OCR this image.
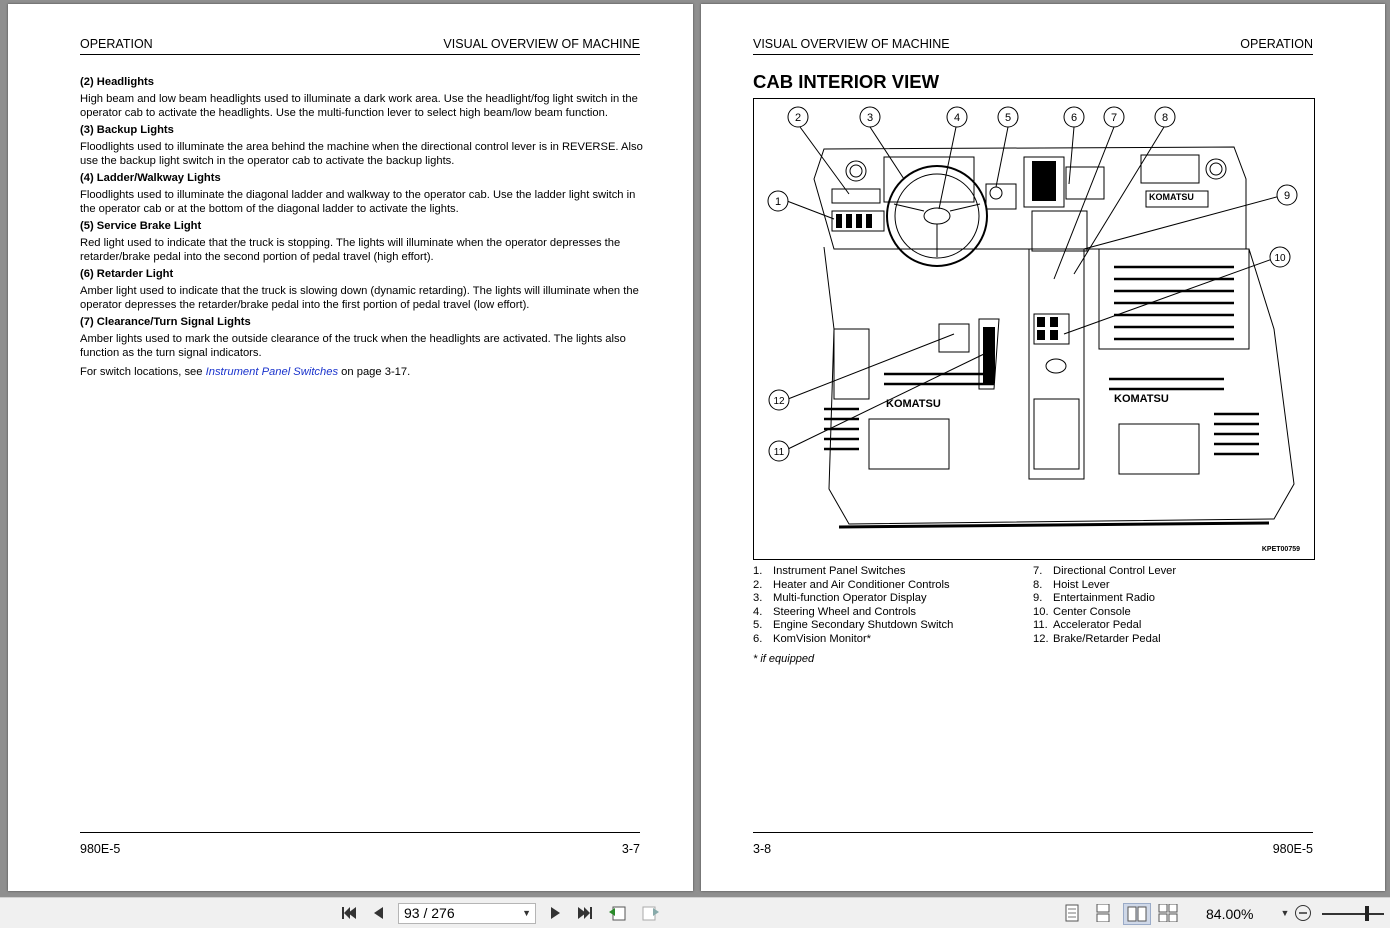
OPERATION	VISUAL OVERVIEW OF MACHINE
(2) Headlights

High beam and low beam headlights used to illuminate a dark work area. Use the headlight/fog light switch in the operator cab to activate the headlights. Use the multi-function lever to select high beam/low beam function.

(3) Backup Lights

Floodlights used to illuminate the area behind the machine when the directional control lever is in REVERSE. Also use the backup light switch in the operator cab to activate the backup lights.

(4) Ladder/Walkway Lights

Floodlights used to illuminate the diagonal ladder and walkway to the operator cab. Use the ladder light switch in the operator cab or at the bottom of the diagonal ladder to activate the lights.

(5) Service Brake Light

Red light used to indicate that the truck is stopping. The lights will illuminate when the operator depresses the retarder/brake pedal into the second portion of pedal travel (high effort).

(6) Retarder Light

Amber light used to indicate that the truck is slowing down (dynamic retarding). The lights will illuminate when the operator depresses the retarder/brake pedal into the first portion of pedal travel (low effort).

(7) Clearance/Turn Signal Lights

Amber lights used to mark the outside clearance of the truck when the headlights are activated. The lights also function as the turn signal indicators.

For switch locations, see Instrument Panel Switches on page 3-17.

980E-5	3-7
VISUAL OVERVIEW OF MACHINE	OPERATION
CAB INTERIOR VIEW
KOMATSU
KOMATSU	KOMATSU
1
2	3	4	5	6	7	8
9
10
11
12
KPET00759
1. Instrument Panel Switches
2. Heater and Air Conditioner Controls
3. Multi-function Operator Display
4. Steering Wheel and Controls
5. Engine Secondary Shutdown Switch
6. KomVision Monitor*
7. Directional Control Lever
8. Hoist Lever
9. Entertainment Radio
10. Center Console
11. Accelerator Pedal
12. Brake/Retarder Pedal
* if equipped
3-8	980E-5
93 / 276	▼	84.00%	▼
